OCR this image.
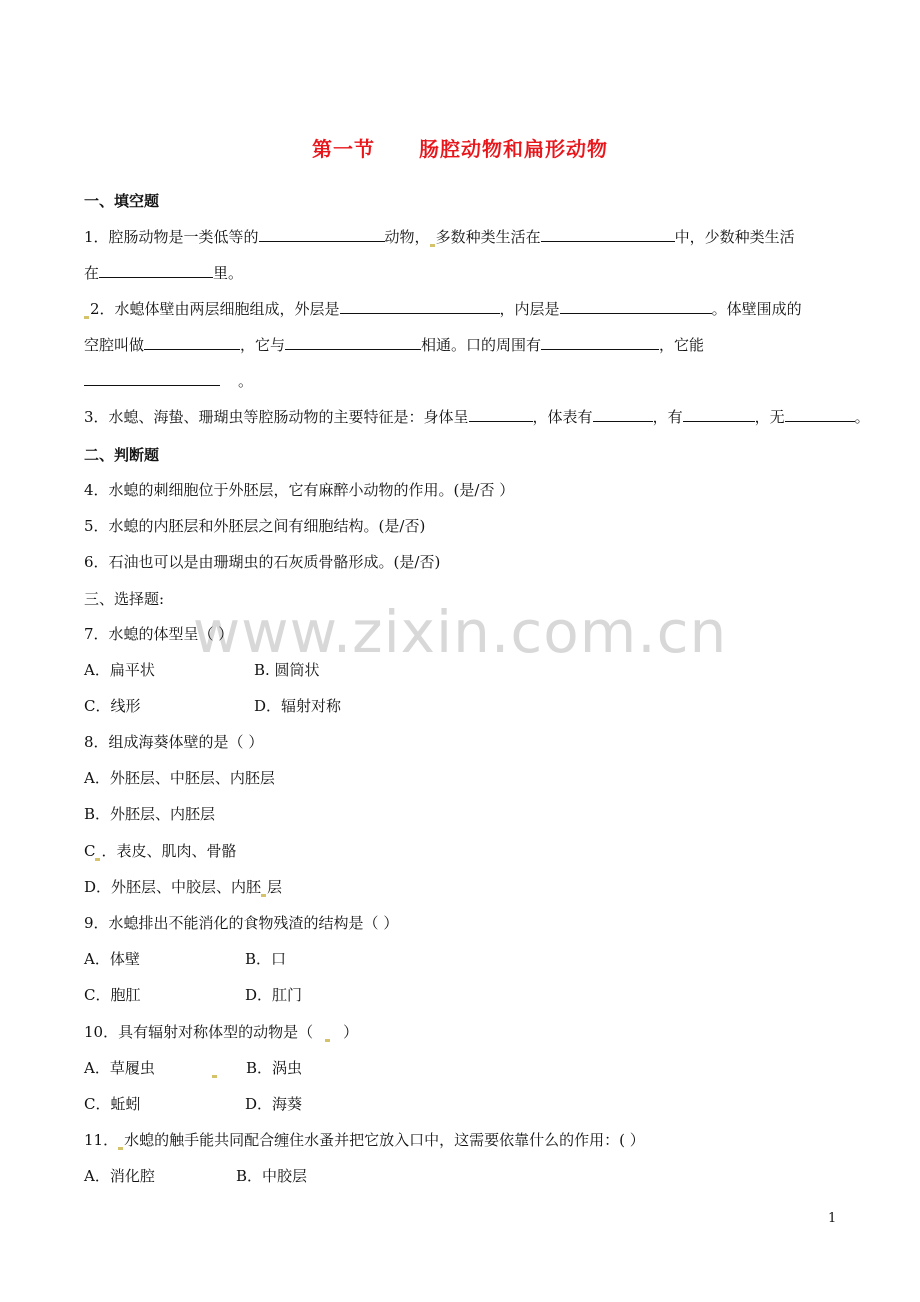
第一节 肠腔动物和扁形动物
www.zixin.com.cn
一、填空题
1．腔肠动物是一类低等的	动物， 多数种类生活在	中，少数种类生活
在	里。
2．水螅体壁由两层细胞组成，外层是	，内层是	。体壁围成的
空腔叫做	，它与	相通。口的周围有	，它能
。
3．水螅、海蛰、珊瑚虫等腔肠动物的主要特征是：身体呈	，体表有	，有	，无	。
二、判断题
4．水螅的刺细胞位于外胚层，它有麻醉小动物的作用。(是/否 ）
5．水螅的内胚层和外胚层之间有细胞结构。(是/否)
6．石油也可以是由珊瑚虫的石灰质骨骼形成。(是/否)
三、选择题:
7．水螅的体型呈（ ）
A．扁平状	B. 圆筒状
C．线形	D．辐射对称
8．组成海葵体壁的是（ ）
A．外胚层、中胚层、内胚层
B．外胚层、内胚层
C ．表皮、肌肉、骨骼
D．外胚层、中胶层、内胚 层
9．水螅排出不能消化的食物残渣的结构是（ ）
A．体壁	B．口
C．胞肛	D．肛门
10．具有辐射对称体型的动物是（ ）
A．草履虫	B．涡虫
C．蚯蚓	D．海葵
11． 水螅的触手能共同配合缠住水蚤并把它放入口中，这需要依靠什么的作用：( ）
A．消化腔	B．中胶层
1
